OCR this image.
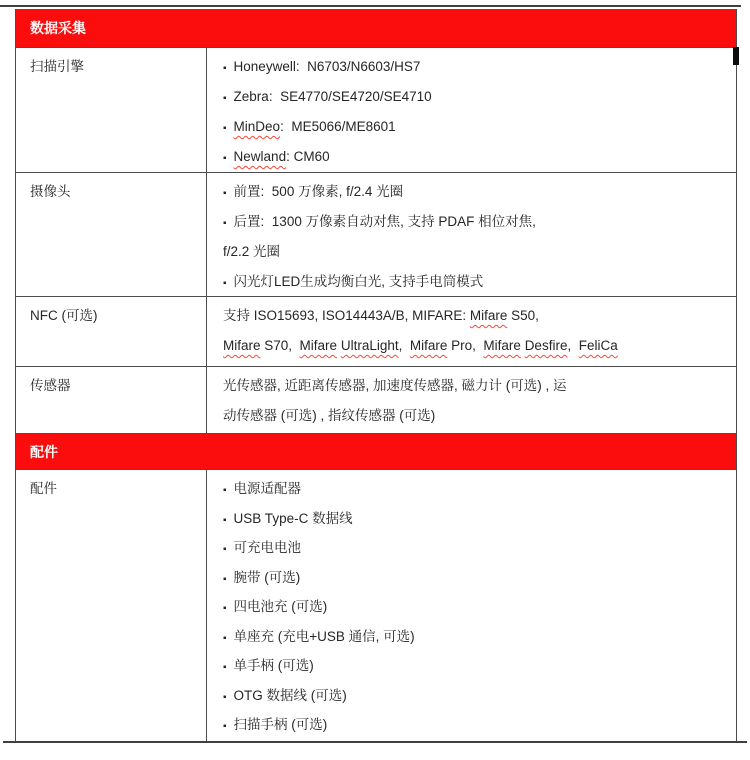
数据采集
扫描引擎	▪ Honeywell:  N6703/N6603/HS7
▪ Zebra:  SE4770/SE4720/SE4710
▪ MinDeo:  ME5066/ME8601
▪ Newland: CM60
摄像头	▪ 前置:  500 万像素, f/2.4 光圈
▪ 后置:  1300 万像素自动对焦, 支持 PDAF 相位对焦,
f/2.2 光圈
▪ 闪光灯LED生成均衡白光, 支持手电筒模式
NFC (可选)	支持 ISO15693, ISO14443A/B, MIFARE: Mifare S50,
Mifare S70,  Mifare UltraLight,  Mifare Pro,  Mifare Desfire,  FeliCa
传感器	光传感器, 近距离传感器, 加速度传感器, 磁力计 (可选) , 运
动传感器 (可选) , 指纹传感器 (可选)
配件
配件	▪ 电源适配器
▪ USB Type-C 数据线
▪ 可充电电池
▪ 腕带 (可选)
▪ 四电池充 (可选)
▪ 单座充 (充电+USB 通信, 可选)
▪ 单手柄 (可选)
▪ OTG 数据线 (可选)
▪ 扫描手柄 (可选)
